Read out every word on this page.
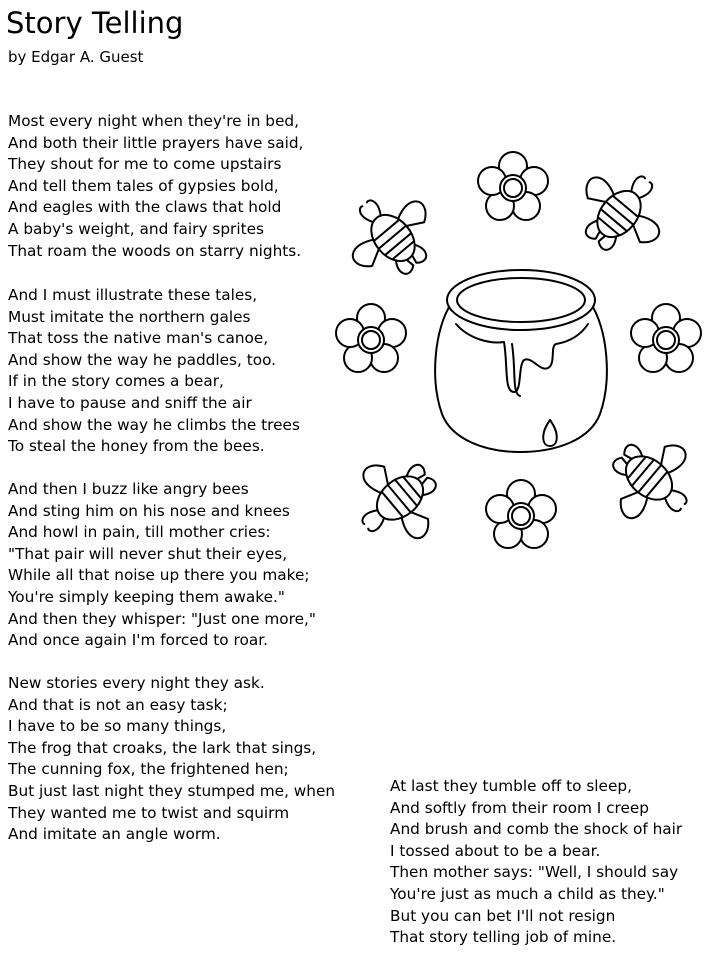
Story Telling
by Edgar A. Guest
Most every night when they're in bed,
And both their little prayers have said,
They shout for me to come upstairs
And tell them tales of gypsies bold,
And eagles with the claws that hold
A baby's weight, and fairy sprites
That roam the woods on starry nights.
And I must illustrate these tales,
Must imitate the northern gales
That toss the native man's canoe,
And show the way he paddles, too.
If in the story comes a bear,
I have to pause and sniff the air
And show the way he climbs the trees
To steal the honey from the bees.
And then I buzz like angry bees
And sting him on his nose and knees
And howl in pain, till mother cries:
"That pair will never shut their eyes,
While all that noise up there you make;
You're simply keeping them awake."
And then they whisper: "Just one more,"
And once again I'm forced to roar.
New stories every night they ask.
And that is not an easy task;
I have to be so many things,
The frog that croaks, the lark that sings,
The cunning fox, the frightened hen;
But just last night they stumped me, when
They wanted me to twist and squirm
And imitate an angle worm.
At last they tumble off to sleep,
And softly from their room I creep
And brush and comb the shock of hair
I tossed about to be a bear.
Then mother says: "Well, I should say
You're just as much a child as they."
But you can bet I'll not resign
That story telling job of mine.
